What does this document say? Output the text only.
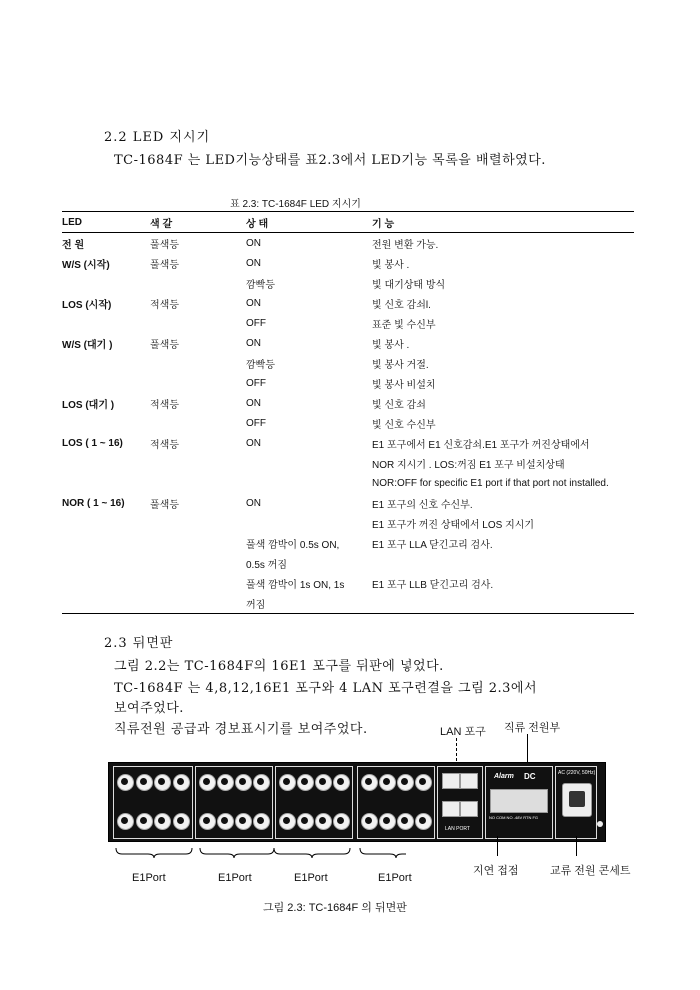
2.2 LED 지시기
TC-1684F 는 LED기능상태를 표2.3에서 LED기능 목록을 배렬하였다.
표 2.3: TC-1684F LED 지시기
LED	색 갈	상 태	기 능
전 원	풀색등	ON	전원 변환 가능.
W/S (시작)	풀색등	ON	빛 봉사 .
		깜빡등	빛 대기상태 방식
LOS (시작)	적색등	ON	빛 신호 감쇠l.
		OFF	표준 빛 수신부
W/S (대기 )	풀색등	ON	빛 봉사 .
		깜빡등	빛 봉사 거절.
		OFF	빛 봉사 비설치
LOS (대기 )	적색등	ON	빛 신호 감쇠
		OFF	빛 신호 수신부
LOS ( 1 ~ 16)	적색등	ON	E1 포구에서 E1 신호감쇠.E1 포구가 꺼진상태에서
			NOR 지시기 . LOS:꺼짐 E1 포구 비설치상태
			NOR:OFF for specific E1 port if that port not installed.
NOR ( 1 ~ 16)	풀색등	ON	E1 포구의 신호 수신부.
			E1 포구가 꺼진 상태에서 LOS 지시기
		풀색 깜박이 0.5s ON,	E1 포구 LLA 닫긴고리 검사.
		0.5s 꺼짐	
		풀색 깜박이 1s ON, 1s	E1 포구 LLB 닫긴고리 검사.
		꺼짐	
2.3 뒤면판
그림 2.2는 TC-1684F의 16E1 포구를 뒤판에 넣었다.
TC-1684F 는 4,8,12,16E1 포구와 4 LAN 포구련결을 그림 2.3에서
보여주었다.
직류전원 공급과 경보표시기를 보여주었다.	LAN 포구 직류 전원부
LAN PORT
Alarm DC
NO COM NO -48V RTN FG
AC (220V, 50Hz)
E1Port	E1Port	E1Port	E1Port
지연 접점	교류 전원 콘세트
그림 2.3: TC-1684F 의 뒤면판
